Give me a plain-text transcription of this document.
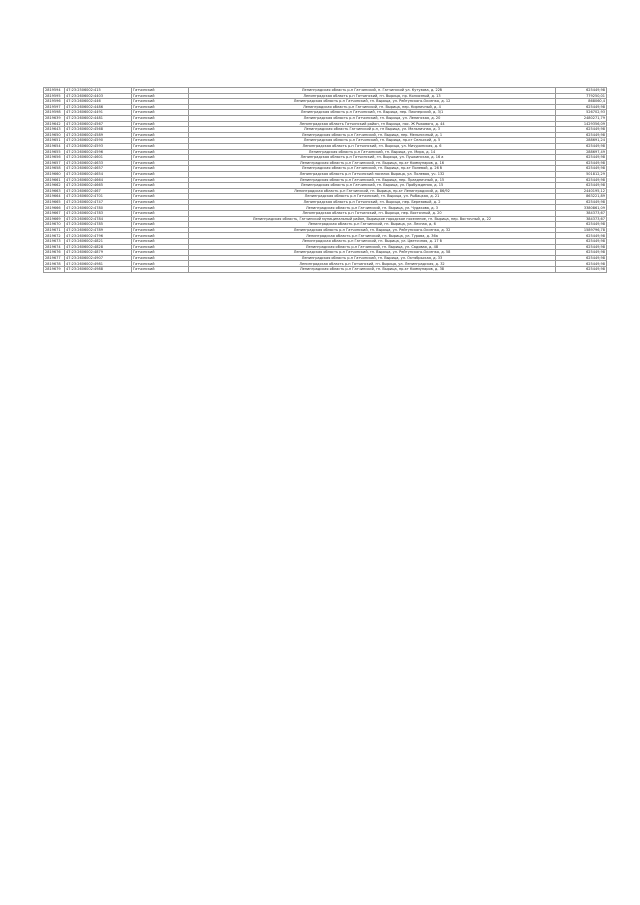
2819594	47:23:2506002:415	Гатчинский	Ленинградская область р-н Гатчинский, п. Гатчинский ул. Кутузова, д. 22б	625449,98
2819595	47:23:2606002:4403	Гатчинский	Ленинградская область р-н Гатчинский, гп. Вырица, пр. Колхозный, д. 13	779250,01
2819596	47:23:2606002:446	Гатчинский	Ленинградская область р-н Гатчинский, гп. Вырица, ул. Рейтунского-Оксенко, д. 12	868060,4
2819597	47:23:2606002:4486	Гатчинский	Ленинградская область р-н Гатчинский, гп. Вырица, пер. Кирпичный, д. 4	625449,98
2819598	47:23:2606002:4491	Гатчинский	Ленинградская область р-н Гатчинский, гп. Вырица, пер. Пионерский, д. 3/1	526702,93
2819639	47:23:2606002:4481	Гатчинский	Ленинградская область р-н Гатчинский, гп. Вырица, ул. Ленинская, д. 20	2480271,79
2819642	47:23:2606002:4567	Гатчинский	Ленинградская область Гатчинский район, гп Вырица, пос. Ж Рыкового, д. 44	1429356,09
2819643	47:23:2606002:4568	Гатчинский	Ленинградская область Гатчинский р-н, гп Вырица, ул. Мельничная, д. 3	625449,98
2819650	47:23:2606002:4589	Гатчинский	Ленинградская область р-н Гатчинский, гп. Вырица, пер. Мельничный, д. 1	625449,98
2819651	47:23:2606002:4590	Гатчинский	Ленинградская область р-н Гатчинский, гп. Вырица, пр-кт Сельский, д. 5	288691,24
2819654	47:23:2606002:4593	Гатчинский	Ленинградская область р-н Гатчинский, гп. Вырица, ул. Мичуринская, д. 6	625449,98
2819655	47:23:2606002:4596	Гатчинский	Ленинградская область р-н Гатчинский, гп. Вырица, ул. Мира, д. 14	288697,49
2819656	47:23:2606002:4601	Гатчинский	Ленинградская область р-н Гатчинский, гп. Вырица, ул. Пушкинская, д. 16 а	625449,98
2819657	47:23:2606002:4633	Гатчинский	Ленинградская область р-н Гатчинский, гп. Вырица, пр-кт Коммунаров, д. 16	625449,98
2819658	47:23:2606002:4657	Гатчинский	Ленинградская область р-н Гатчинский, гп. Вырица, пр-кт Полевой, д. 26 б	625449,98
2819660	47:23:2606002:4654	Гатчинский	Ленинградская область р-н Гатчинский поселок Вырица, ул. Полевая, уч. 132	501812,29
2819661	47:23:2606002:4664	Гатчинский	Ленинградская область р-н Гатчинский, гп. Вырица, пер. Праздничный, д. 15	625449,98
2819662	47:23:2606002:4665	Гатчинский	Ленинградская область р-н Гатчинский, гп. Вырица, ул. Пробуждения, д. 15	625449,98
2819663	47:23:2606002:467	Гатчинский	Ленинградская область р-н Гатчинский, гп. Вырица, пр-кт Ленинградский, д. 86/92	2440195,12
2819664	47:23:2606002:4701	Гатчинский	Ленинградская область р-н Гатчинский, гп. Вырица, ул. Рыбацкая, д. 21	863221,89
2819665	47:23:2606002:4747	Гатчинский	Ленинградская область р-н Гатчинский, гп. Вырица, пер. Березовый, д. 2	625449,98
2819666	47:23:2606002:4780	Гатчинский	Ленинградская область р-н Гатчинский, гп. Вырица, ул. Чудакова, д. 3	3380861,09
2819667	47:23:2606002:4783	Гатчинский	Ленинградская область р-н Гатчинский, гп. Вырица, пер. Восточный, д. 20	384373,67
2819669	47:23:2606002:4784	Гатчинский	Ленинградская область, Гатчинский муниципальный район, Вырицкое городское поселение, гп. Вырица, пер. Восточный, д. 22	384373,67
2819670	47:23:2606002:4785	Гатчинский	Ленинградская область р-н Гатчинский, гп. Вырица, ул. Лесная, д. 6	625449,98
2819671	47:23:2606002:4789	Гатчинский	Ленинградская область р-н Гатчинский, гп. Вырица, ул. Рейтунского-Оксенко, д. 32	1589796,78
2819672	47:23:2606002:4796	Гатчинский	Ленинградская область р-н Гатчинский, гп. Вырица, ул. Турова, д. 36а	625449,98
2819673	47:23:2606002:4821	Гатчинский	Ленинградская область р-н Гатчинский, гп. Вырица, ул. Цветочная, д. 17 б	625449,98
2819674	47:23:2606002:4828	Гатчинский	Ленинградская область р-н Гатчинский, гп. Вырица, ул. Садовая, д. 48	625449,98
2819676	47:23:2606002:4879	Гатчинский	Ленинградская область р-н Гатчинский, гп. Вырица, ул. Рейтунского-Оксенко, д. 58	625449,98
2819677	47:23:2606002:4907	Гатчинский	Ленинградская область р-н Гатчинский, гп. Вырица, ул. Октябрьская, д. 33	625449,98
2819678	47:23:2606002:4981	Гатчинский	Ленинградская область р-н Гатчинский, гп. Вырица, ул. Ленинградская, д. 32	625449,98
2819679	47:23:2606002:4988	Гатчинский	Ленинградская область р-н Гатчинский, гп. Вырица, пр-кт Коммунаров, д. 38	625449,98
